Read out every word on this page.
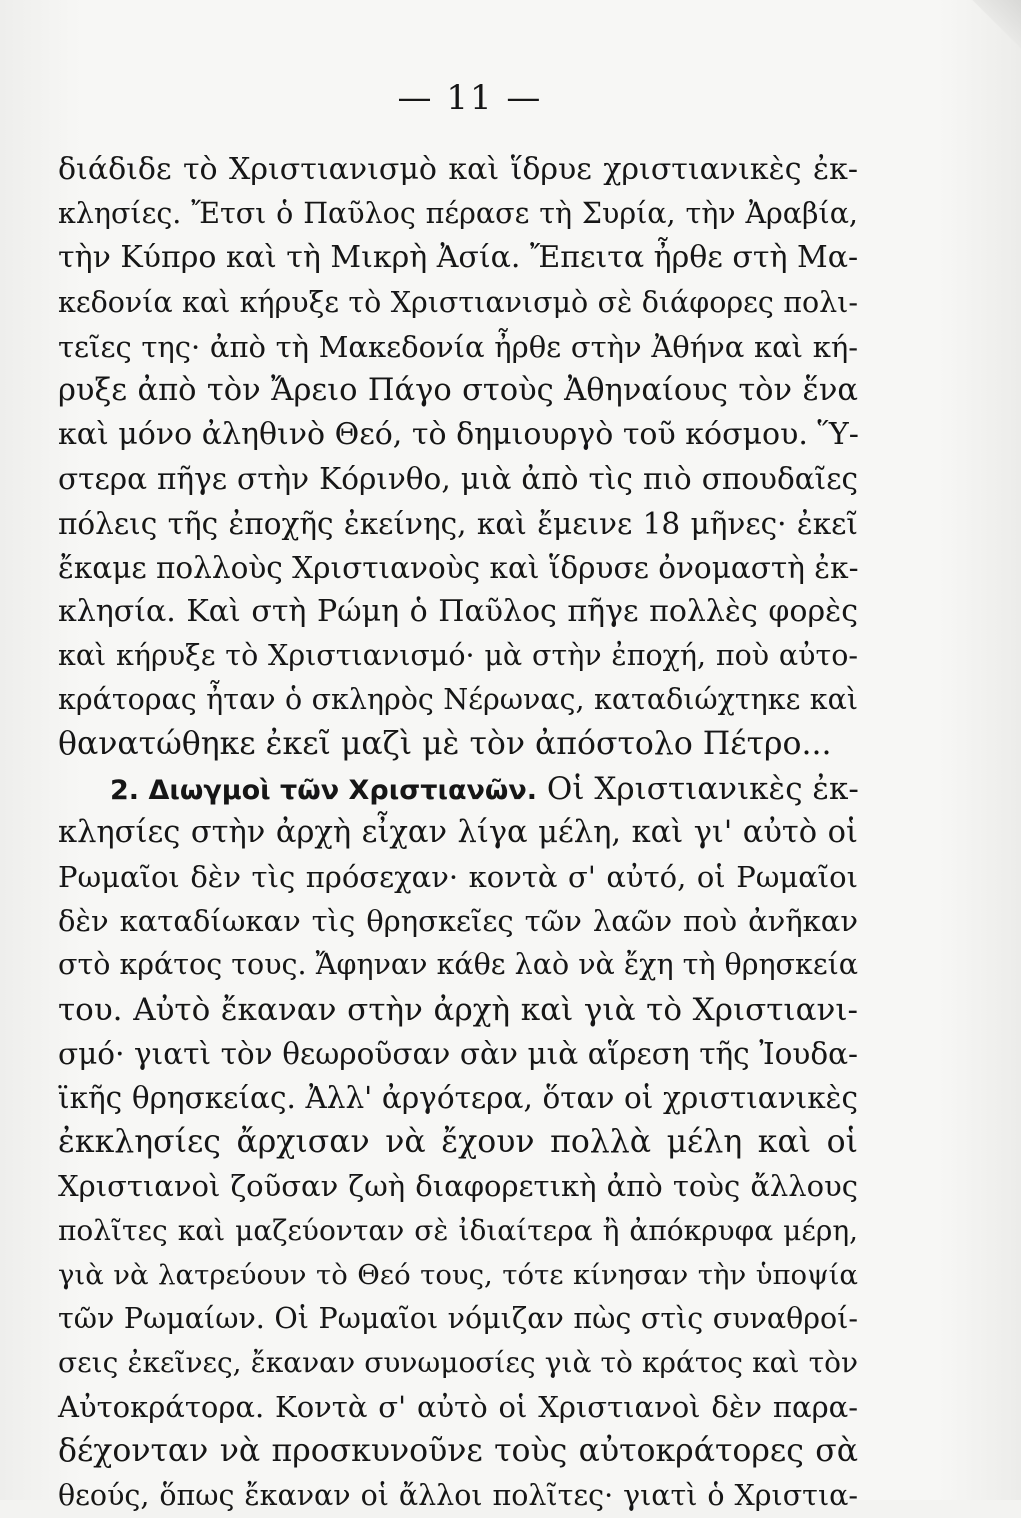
— 11 —
διάδιδε τὸ Χριστιανισμὸ καὶ ἵδρυε χριστιανικὲς ἐκ-
κλησίες. Ἔτσι ὁ Παῦλος πέρασε τὴ Συρία, τὴν Ἀραβία,
τὴν Κύπρο καὶ τὴ Μικρὴ Ἀσία. Ἔπειτα ἦρθε στὴ Μα-
κεδονία καὶ κήρυξε τὸ Χριστιανισμὸ σὲ διάφορες πολι-
τεῖες της· ἀπὸ τὴ Μακεδονία ἦρθε στὴν Ἀθήνα καὶ κή-
ρυξε ἀπὸ τὸν Ἄρειο Πάγο στοὺς Ἀθηναίους τὸν ἕνα
καὶ μόνο ἀληθινὸ Θεό, τὸ δημιουργὸ τοῦ κόσμου. Ὕ-
στερα πῆγε στὴν Κόρινθο, μιὰ ἀπὸ τὶς πιὸ σπουδαῖες
πόλεις τῆς ἐποχῆς ἐκείνης, καὶ ἔμεινε 18 μῆνες· ἐκεῖ
ἔκαμε πολλοὺς Χριστιανοὺς καὶ ἵδρυσε ὀνομαστὴ ἐκ-
κλησία. Καὶ στὴ Ρώμη ὁ Παῦλος πῆγε πολλὲς φορὲς
καὶ κήρυξε τὸ Χριστιανισμό· μὰ στὴν ἐποχή, ποὺ αὐτο-
κράτορας ἦταν ὁ σκληρὸς Νέρωνας, καταδιώχτηκε καὶ
θανατώθηκε ἐκεῖ μαζὶ μὲ τὸν ἀπόστολο Πέτρο...
2. Διωγμοὶ τῶν Χριστιανῶν. Οἱ Χριστιανικὲς ἐκ-
κλησίες στὴν ἀρχὴ εἶχαν λίγα μέλη, καὶ γι' αὐτὸ οἱ
Ρωμαῖοι δὲν τὶς πρόσεχαν· κοντὰ σ' αὐτό, οἱ Ρωμαῖοι
δὲν καταδίωκαν τὶς θρησκεῖες τῶν λαῶν ποὺ ἀνῆκαν
στὸ κράτος τους. Ἄφηναν κάθε λαὸ νὰ ἔχη τὴ θρησκεία
του. Αὐτὸ ἔκαναν στὴν ἀρχὴ καὶ γιὰ τὸ Χριστιανι-
σμό· γιατὶ τὸν θεωροῦσαν σὰν μιὰ αἵρεση τῆς Ἰουδα-
ϊκῆς θρησκείας. Ἀλλ' ἀργότερα, ὅταν οἱ χριστιανικὲς
ἐκκλησίες ἄρχισαν νὰ ἔχουν πολλὰ μέλη καὶ οἱ
Χριστιανοὶ ζοῦσαν ζωὴ διαφορετικὴ ἀπὸ τοὺς ἄλλους
πολῖτες καὶ μαζεύονταν σὲ ἰδιαίτερα ἢ ἀπόκρυφα μέρη,
γιὰ νὰ λατρεύουν τὸ Θεό τους, τότε κίνησαν τὴν ὑποψία
τῶν Ρωμαίων. Οἱ Ρωμαῖοι νόμιζαν πὼς στὶς συναθροί-
σεις ἐκεῖνες, ἔκαναν συνωμοσίες γιὰ τὸ κράτος καὶ τὸν
Αὐτοκράτορα. Κοντὰ σ' αὐτὸ οἱ Χριστιανοὶ δὲν παρα-
δέχονταν νὰ προσκυνοῦνε τοὺς αὐτοκράτορες σὰ
θεούς, ὅπως ἔκαναν οἱ ἄλλοι πολῖτες· γιατὶ ὁ Χριστια-
